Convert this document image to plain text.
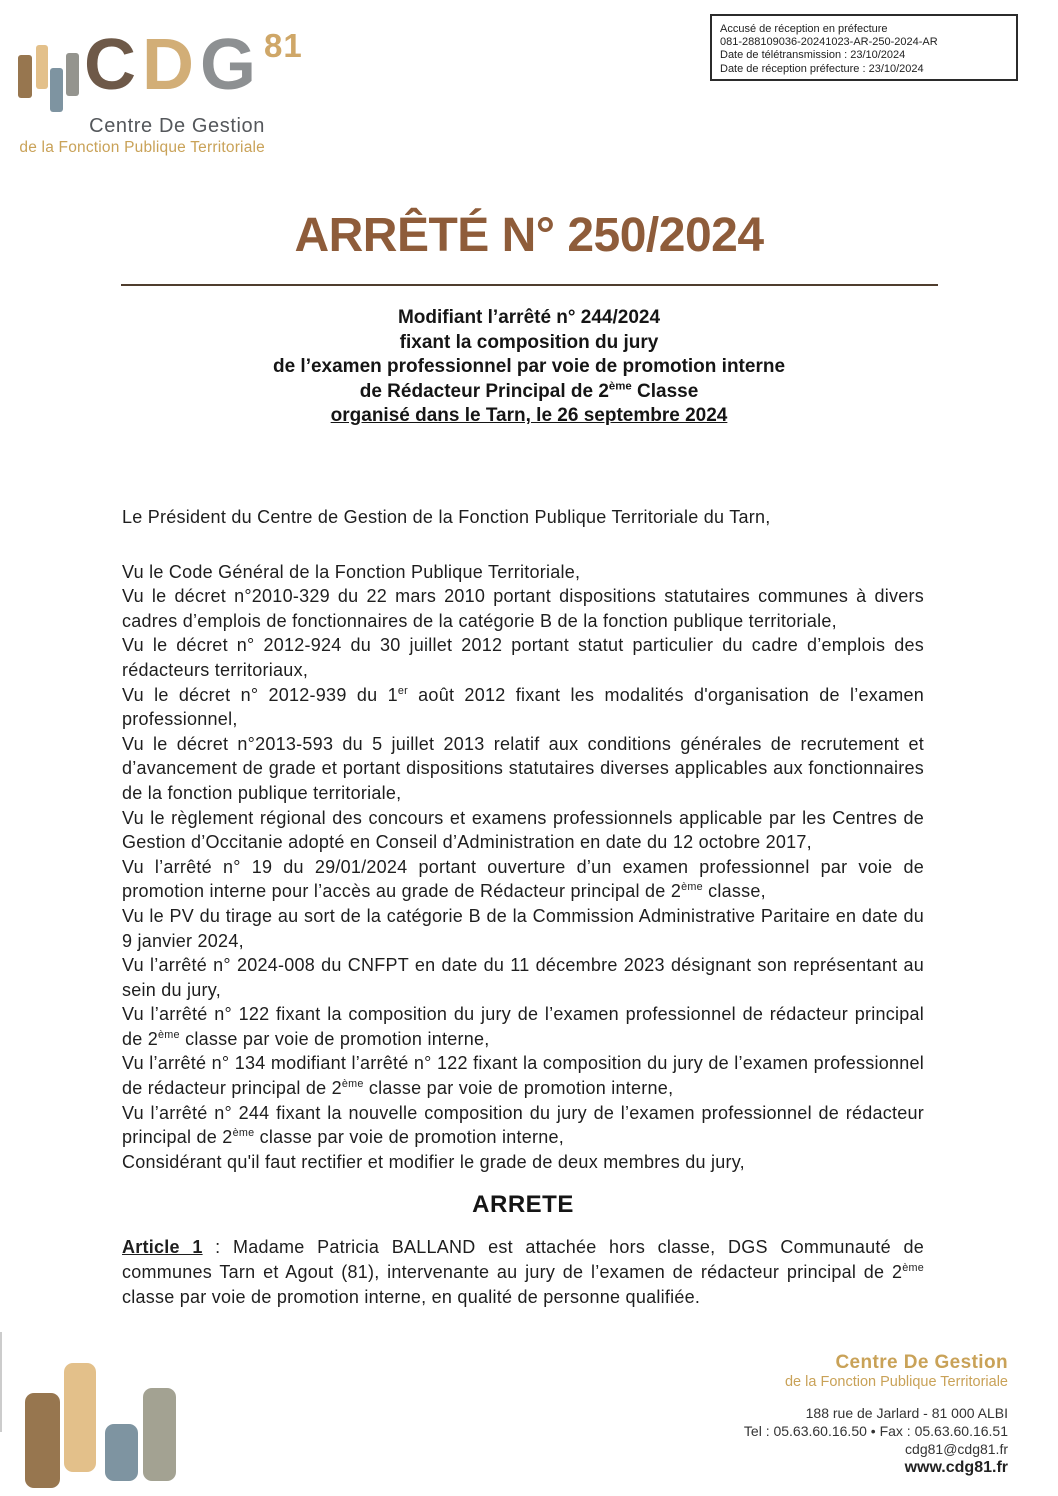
CDG$^{81}$
Centre De Gestion
de la Fonction Publique Territoriale
Accusé de réception en préfecture
081-288109036-20241023-AR-250-2024-AR
Date de télétransmission : 23/10/2024
Date de réception préfecture : 23/10/2024
ARRÊTÉ N° 250/2024
Modifiant l’arrêté n° 244/2024
fixant la composition du jury
de l’examen professionnel par voie de promotion interne
de Rédacteur Principal de 2ème Classe
organisé dans le Tarn, le 26 septembre 2024

Le Président du Centre de Gestion de la Fonction Publique Territoriale du Tarn,

Vu le Code Général de la Fonction Publique Territoriale,

Vu le décret n°2010-329 du 22 mars 2010 portant dispositions statutaires communes à divers cadres d’emplois de fonctionnaires de la catégorie B de la fonction publique territoriale,

Vu le décret n° 2012-924 du 30 juillet 2012 portant statut particulier du cadre d’emplois des rédacteurs territoriaux,

Vu le décret n° 2012-939 du 1er août 2012 fixant les modalités d'organisation de l’examen professionnel,

Vu le décret n°2013-593 du 5 juillet 2013 relatif aux conditions générales de recrutement et d’avancement de grade et portant dispositions statutaires diverses applicables aux fonctionnaires de la fonction publique territoriale,

Vu le règlement régional des concours et examens professionnels applicable par les Centres de Gestion d’Occitanie adopté en Conseil d’Administration en date du 12 octobre 2017,

Vu l’arrêté n° 19 du 29/01/2024 portant ouverture d’un examen professionnel par voie de promotion interne pour l’accès au grade de Rédacteur principal de 2ème classe,

Vu le PV du tirage au sort de la catégorie B de la Commission Administrative Paritaire en date du 9 janvier 2024,

Vu l’arrêté n° 2024-008 du CNFPT en date du 11 décembre 2023 désignant son représentant au sein du jury,

Vu l’arrêté n° 122 fixant la composition du jury de l’examen professionnel de rédacteur principal de 2ème classe par voie de promotion interne,

Vu l’arrêté n° 134 modifiant l’arrêté n° 122 fixant la composition du jury de l’examen professionnel de rédacteur principal de 2ème classe par voie de promotion interne,

Vu l’arrêté n° 244 fixant la nouvelle composition du jury de l’examen professionnel de rédacteur principal de 2ème classe par voie de promotion interne,

Considérant qu'il faut rectifier et modifier le grade de deux membres du jury,

ARRETE

Article 1 : Madame Patricia BALLAND est attachée hors classe, DGS Communauté de communes Tarn et Agout (81), intervenante au jury de l’examen de rédacteur principal de 2ème classe par voie de promotion interne, en qualité de personne qualifiée.

Centre De Gestion
de la Fonction Publique Territoriale
188 rue de Jarlard - 81 000 ALBI
Tel : 05.63.60.16.50 • Fax : 05.63.60.16.51
cdg81@cdg81.fr
www.cdg81.fr
